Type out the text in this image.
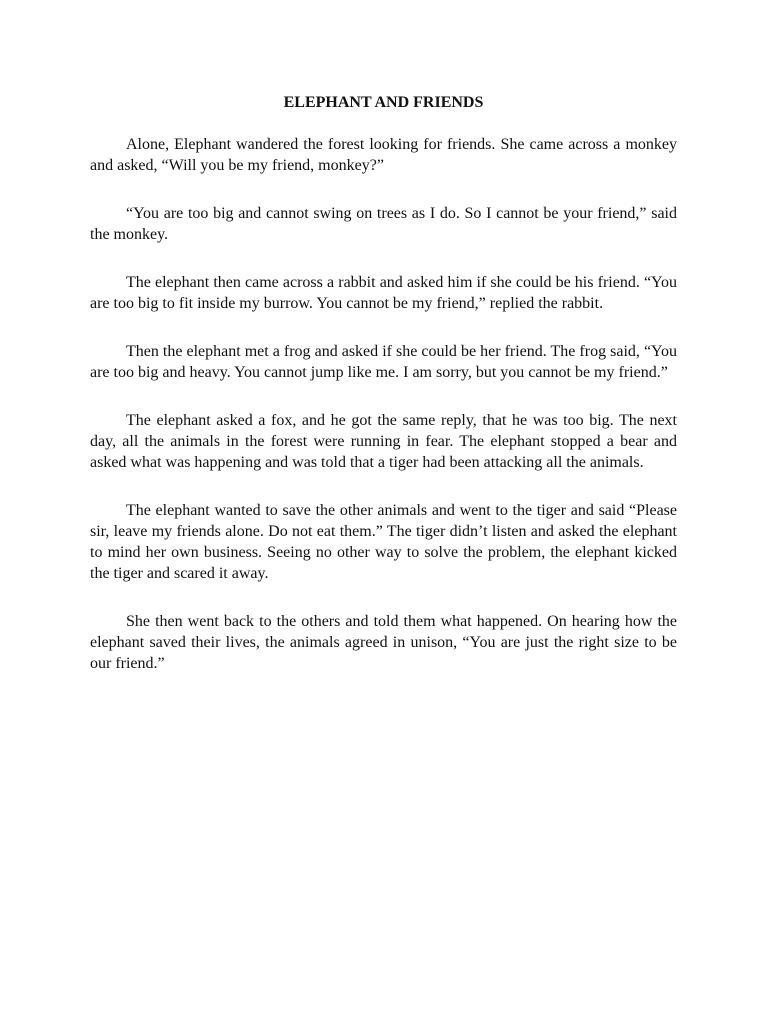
ELEPHANT AND FRIENDS

Alone, Elephant wandered the forest looking for friends. She came across a monkey and asked, “Will you be my friend, monkey?”

“You are too big and cannot swing on trees as I do. So I cannot be your friend,” said the monkey.

The elephant then came across a rabbit and asked him if she could be his friend. “You are too big to fit inside my burrow. You cannot be my friend,” replied the rabbit.

Then the elephant met a frog and asked if she could be her friend. The frog said, “You are too big and heavy. You cannot jump like me. I am sorry, but you cannot be my friend.”

The elephant asked a fox, and he got the same reply, that he was too big. The next day, all the animals in the forest were running in fear. The elephant stopped a bear and asked what was happening and was told that a tiger had been attacking all the animals.

The elephant wanted to save the other animals and went to the tiger and said “Please sir, leave my friends alone. Do not eat them.” The tiger didn’t listen and asked the elephant to mind her own business. Seeing no other way to solve the problem, the elephant kicked the tiger and scared it away.

She then went back to the others and told them what happened. On hearing how the elephant saved their lives, the animals agreed in unison, “You are just the right size to be our friend.”
